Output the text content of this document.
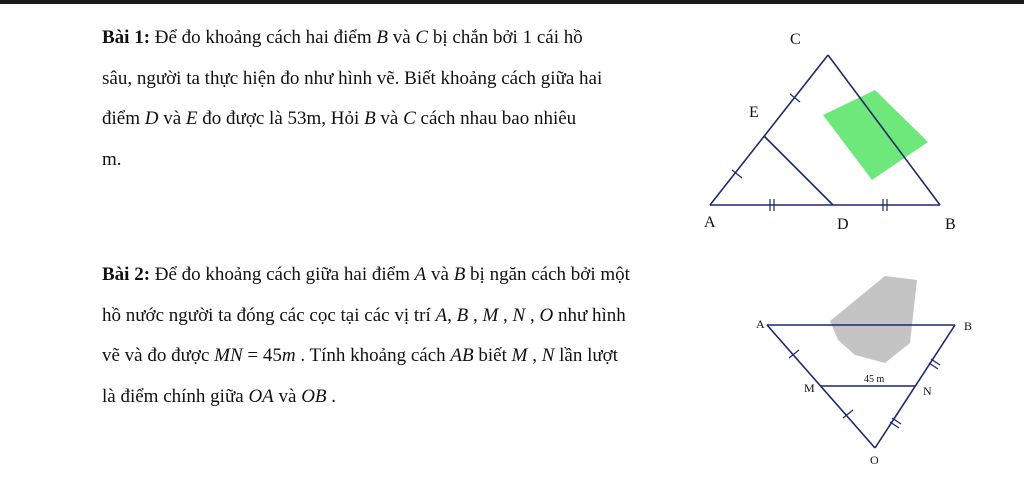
Bài 1: Để đo khoảng cách hai điểm B và C bị chắn bởi 1 cái hồ
sâu, người ta thực hiện đo như hình vẽ. Biết khoảng cách giữa hai
điểm D và E đo được là 53m, Hỏi B và C cách nhau bao nhiêu
m.
C
E
A	D	B
Bài 2: Để đo khoảng cách giữa hai điểm A và B bị ngăn cách bởi một
hồ nước người ta đóng các cọc tại các vị trí A, B , M , N , O như hình
vẽ và đo được MN = 45m . Tính khoảng cách AB biết M , N lần lượt
là điểm chính giữa OA và OB .
A	B
M	N
O
45 m
